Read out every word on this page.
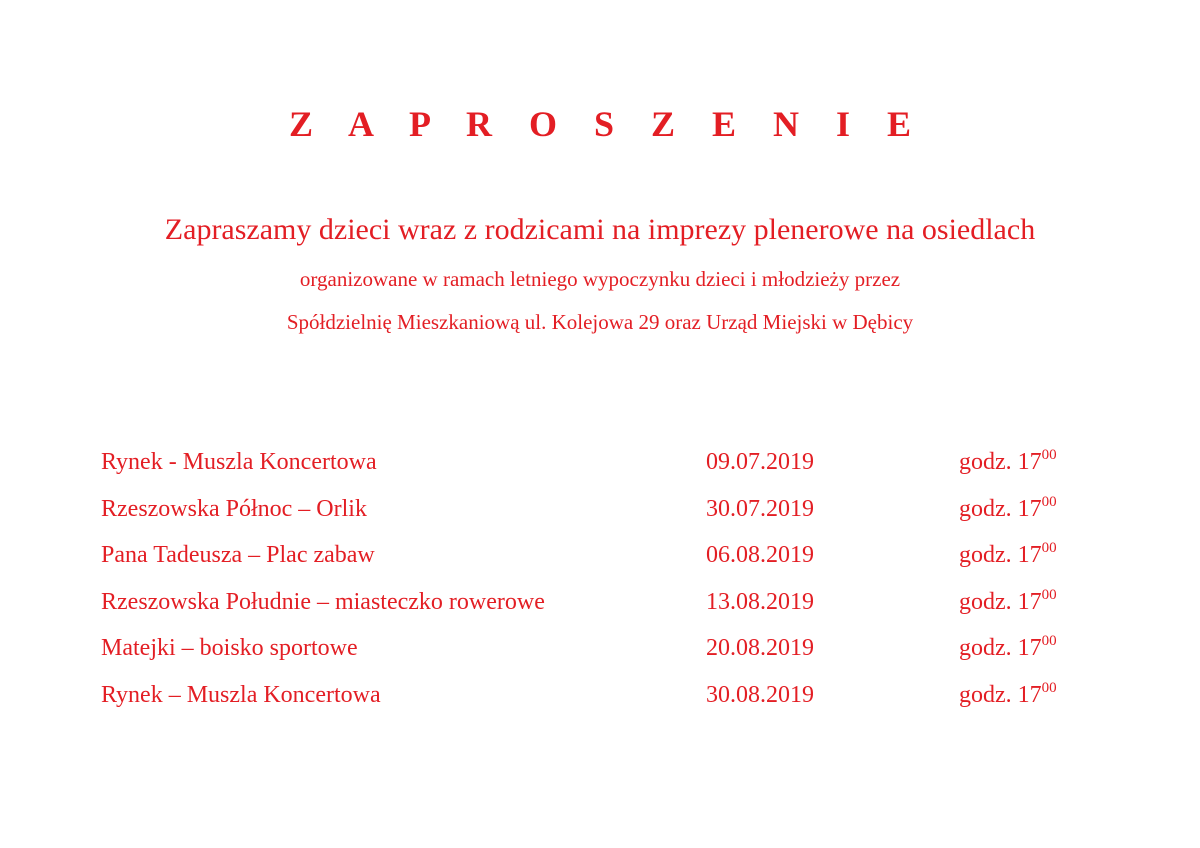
Z A P R O S Z E N I E
Zapraszamy dzieci wraz z rodzicami na imprezy plenerowe na osiedlach
organizowane w ramach letniego wypoczynku dzieci i młodzieży przez
Spółdzielnię Mieszkaniową ul. Kolejowa 29 oraz Urząd Miejski w Dębicy
Rynek - Muszla Koncertowa	09.07.2019	godz. $17^{00}$
Rzeszowska Północ – Orlik	30.07.2019	godz. $17^{00}$
Pana Tadeusza – Plac zabaw	06.08.2019	godz. $17^{00}$
Rzeszowska Południe – miasteczko rowerowe	13.08.2019	godz. $17^{00}$
Matejki – boisko sportowe	20.08.2019	godz. $17^{00}$
Rynek – Muszla Koncertowa	30.08.2019	godz. $17^{00}$
